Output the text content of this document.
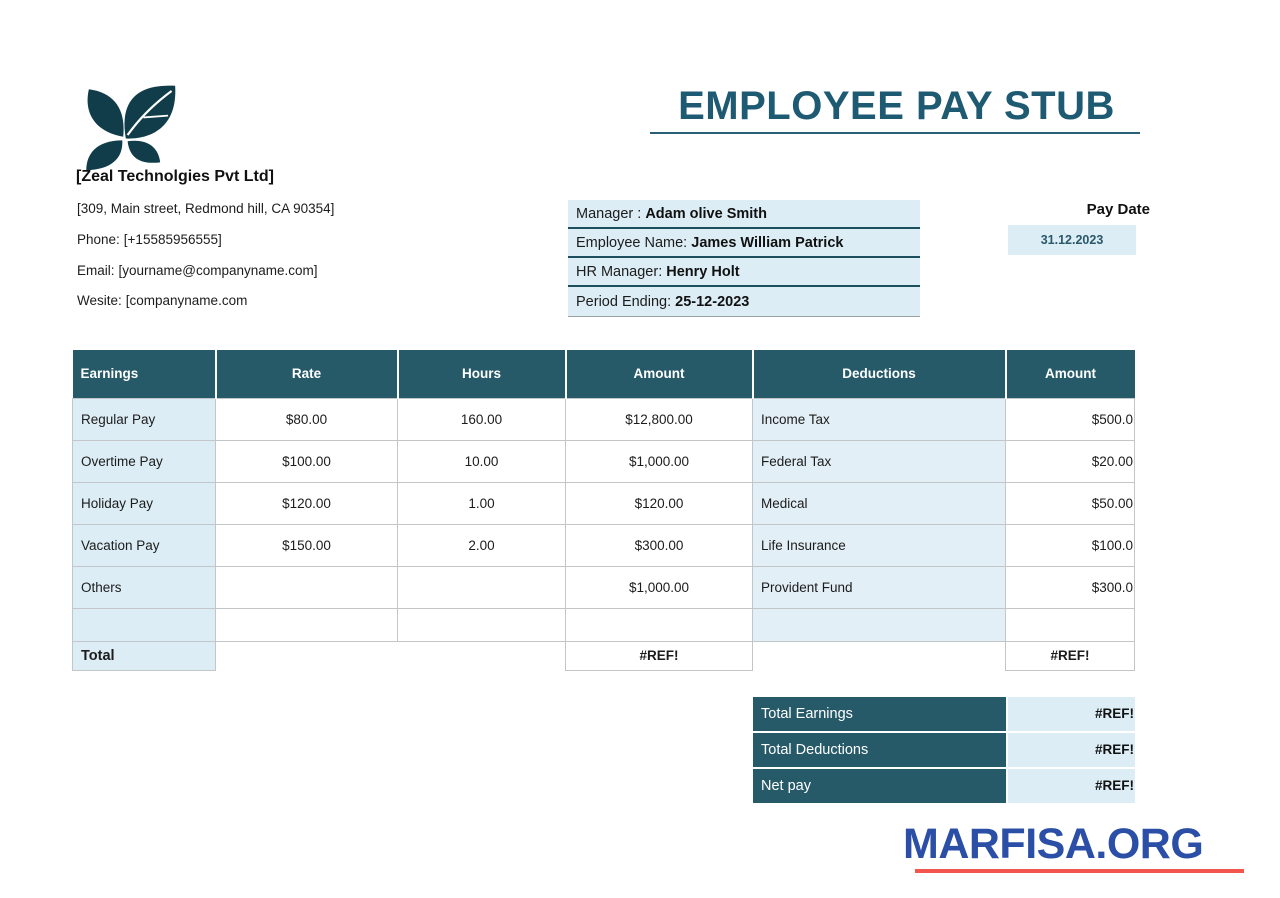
[Zeal Technolgies Pvt Ltd]
[309, Main street, Redmond hill, CA 90354]
Phone: [+15585956555]
Email: [yourname@companyname.com]
Wesite: [companyname.com
EMPLOYEE PAY STUB
Manager : Adam olive Smith
Employee Name: James William Patrick
HR Manager: Henry Holt
Period Ending: 25-12-2023
Pay Date
31.12.2023
Earnings	Rate	Hours	Amount	Deductions	Amount
Regular Pay	$80.00	160.00	$12,800.00	Income Tax	$500.0
Overtime Pay	$100.00	10.00	$1,000.00	Federal Tax	$20.00
Holiday Pay	$120.00	1.00	$120.00	Medical	$50.00
Vacation Pay	$150.00	2.00	$300.00	Life Insurance	$100.0
Others			$1,000.00	Provident Fund	$300.0

Total			#REF!		#REF!
Total Earnings	#REF!
Total Deductions	#REF!
Net pay	#REF!
MARFISA.ORG
